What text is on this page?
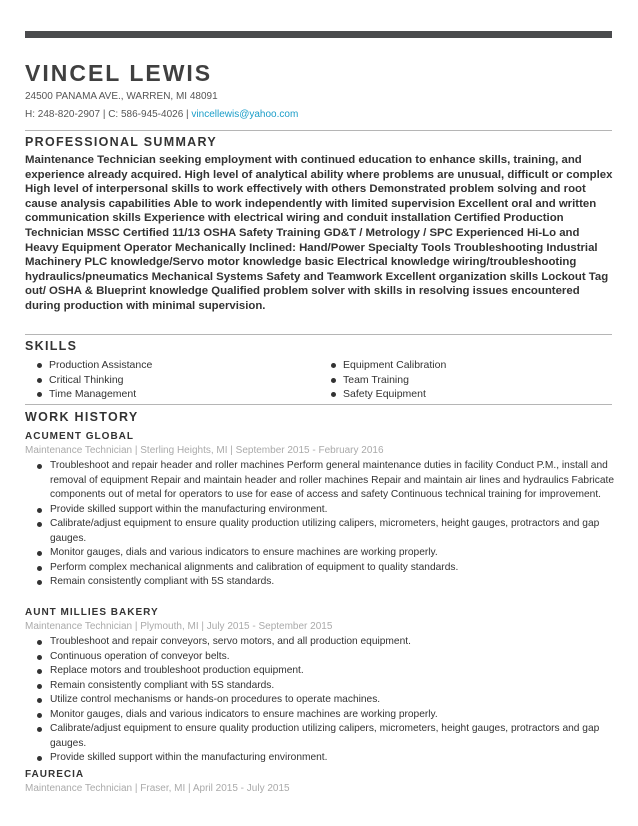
VINCEL LEWIS
24500 PANAMA AVE., WARREN, MI 48091
H: 248-820-2907 | C: 586-945-4026 | vincellewis@yahoo.com
PROFESSIONAL SUMMARY

Maintenance Technician seeking employment with continued education to enhance skills, training, and experience already acquired. High level of analytical ability where problems are unusual, difficult or complex High level of interpersonal skills to work effectively with others Demonstrated problem solving and root cause analysis capabilities Able to work independently with limited supervision Excellent oral and written communication skills Experience with electrical wiring and conduit installation Certified Production Technician MSSC Certified 11/13 OSHA Safety Training GD&T / Metrology / SPC Experienced Hi-Lo and Heavy Equipment Operator Mechanically Inclined: Hand/Power Specialty Tools Troubleshooting Industrial Machinery PLC knowledge/Servo motor knowledge basic Electrical knowledge wiring/troubleshooting hydraulics/pneumatics Mechanical Systems Safety and Teamwork Excellent organization skills Lockout Tag out/ OSHA & Blueprint knowledge Qualified problem solver with skills in resolving issues encountered during production with minimal supervision.

SKILLS
Production Assistance
Critical Thinking
Time Management
Equipment Calibration
Team Training
Safety Equipment
WORK HISTORY
ACUMENT GLOBAL
Maintenance Technician | Sterling Heights, MI | September 2015 - February 2016
Troubleshoot and repair header and roller machines Perform general maintenance duties in facility Conduct P.M., install and removal of equipment Repair and maintain header and roller machines Repair and maintain air lines and hydraulics Fabricate components out of metal for operators to use for ease of access and safety Continuous technical training for improvement.
Provide skilled support within the manufacturing environment.
Calibrate/adjust equipment to ensure quality production utilizing calipers, micrometers, height gauges, protractors and gap gauges.
Monitor gauges, dials and various indicators to ensure machines are working properly.
Perform complex mechanical alignments and calibration of equipment to quality standards.
Remain consistently compliant with 5S standards.
AUNT MILLIES BAKERY
Maintenance Technician | Plymouth, MI | July 2015 - September 2015
Troubleshoot and repair conveyors, servo motors, and all production equipment.
Continuous operation of conveyor belts.
Replace motors and troubleshoot production equipment.
Remain consistently compliant with 5S standards.
Utilize control mechanisms or hands-on procedures to operate machines.
Monitor gauges, dials and various indicators to ensure machines are working properly.
Calibrate/adjust equipment to ensure quality production utilizing calipers, micrometers, height gauges, protractors and gap gauges.
Provide skilled support within the manufacturing environment.
FAURECIA
Maintenance Technician | Fraser, MI | April 2015 - July 2015
